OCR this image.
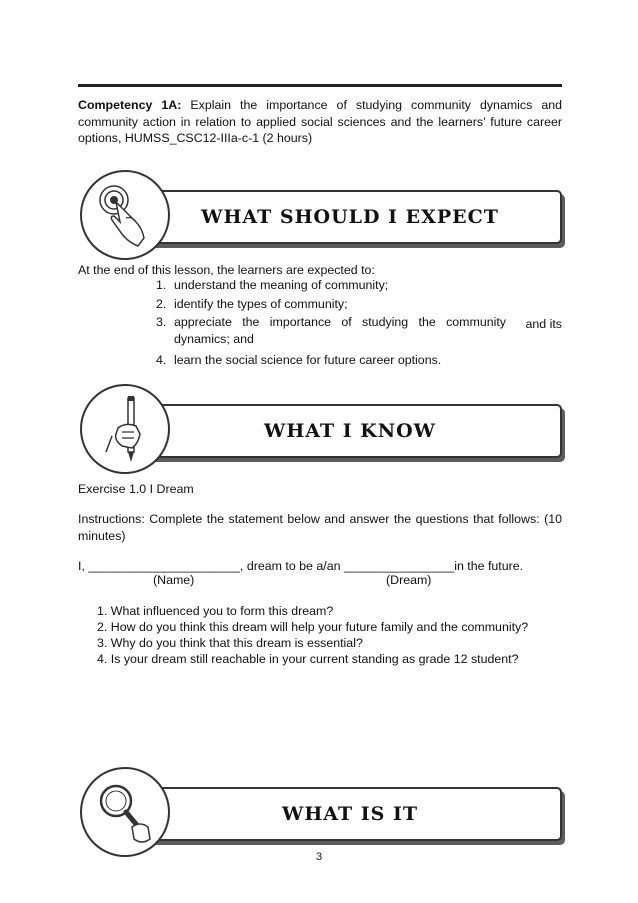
Competency 1A: Explain the importance of studying community dynamics and community action in relation to applied social sciences and the learners’ future career options, HUMSS_CSC12-IIIa-c-1 (2 hours)
WHAT SHOULD I EXPECT
At the end of this lesson, the learners are expected to:
1. understand the meaning of community;
2. identify the types of community;
3. appreciate the importance of studying the community and its
dynamics; and
4. learn the social science for future career options.
WHAT I KNOW
Exercise 1.0 I Dream
Instructions: Complete the statement below and answer the questions that follows: (10 minutes)
I, ______________________, dream to be a/an ________________in the future.
(Name)	(Dream)
1. What influenced you to form this dream?
2. How do you think this dream will help your future family and the community?
3. Why do you think that this dream is essential?
4. Is your dream still reachable in your current standing as grade 12 student?
WHAT IS IT
3
